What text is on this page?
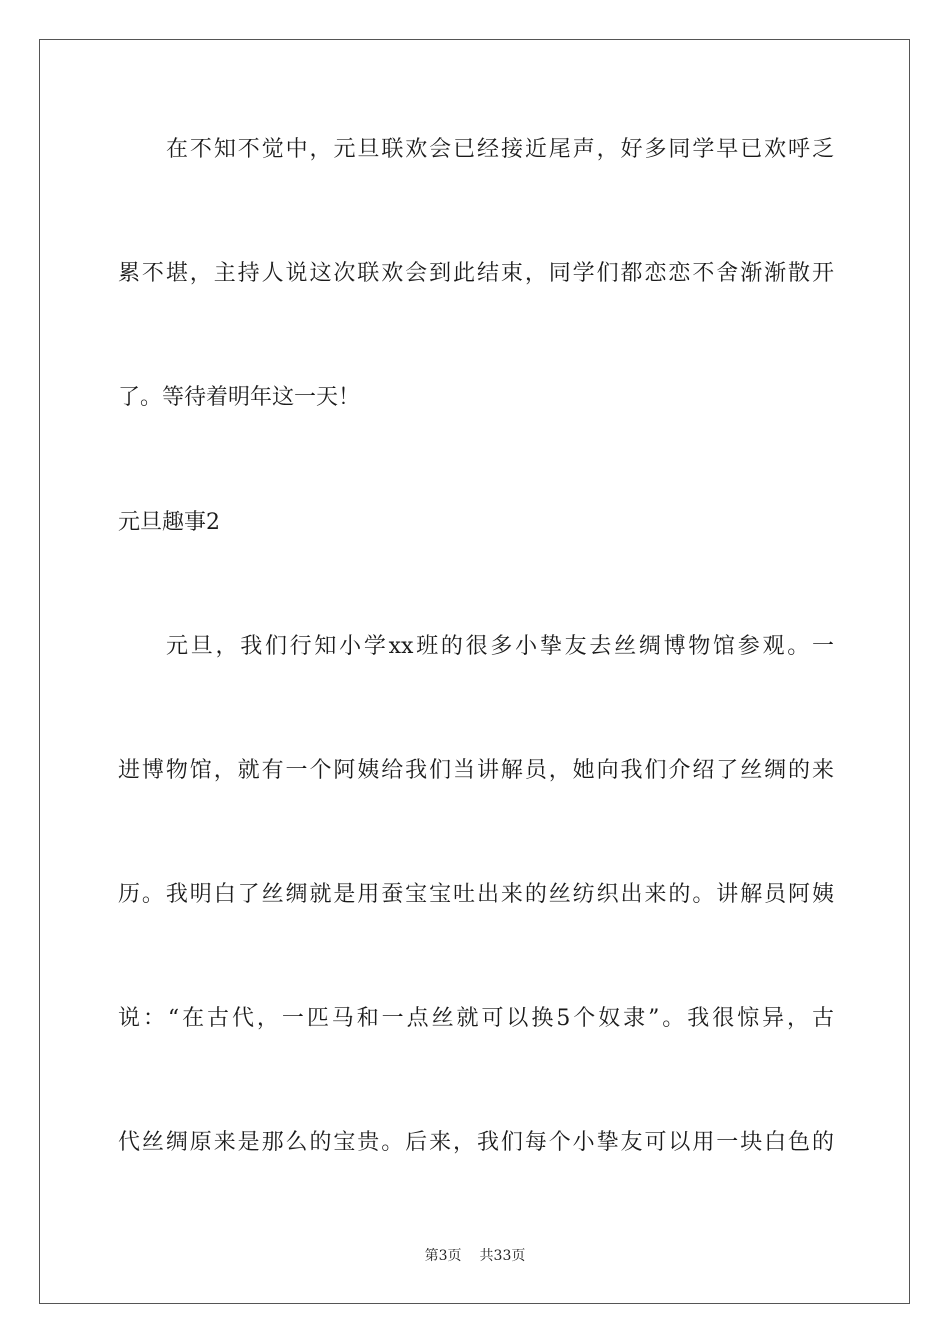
在不知不觉中，元旦联欢会已经接近尾声，好多同学早已欢呼乏
累不堪，主持人说这次联欢会到此结束，同学们都恋恋不舍渐渐散开
了。等待着明年这一天！
元旦趣事2
元旦，我们行知小学xx班的很多小挚友去丝绸博物馆参观。一
进博物馆，就有一个阿姨给我们当讲解员，她向我们介绍了丝绸的来
历。我明白了丝绸就是用蚕宝宝吐出来的丝纺织出来的。讲解员阿姨
说：“在古代，一匹马和一点丝就可以换5个奴隶”。我很惊异，古
代丝绸原来是那么的宝贵。后来，我们每个小挚友可以用一块白色的
第3页 共33页
